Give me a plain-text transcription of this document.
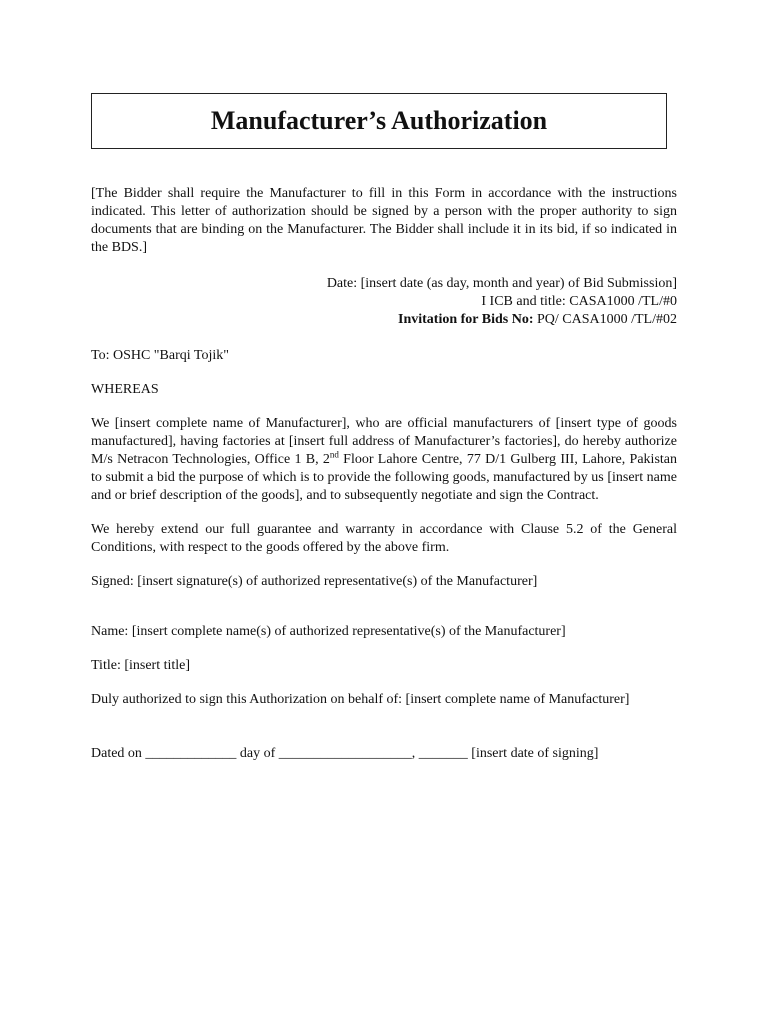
Manufacturer’s Authorization

[The Bidder shall require the Manufacturer to fill in this Form in accordance with the instructions indicated. This letter of authorization should be signed by a person with the proper authority to sign documents that are binding on the Manufacturer. The Bidder shall include it in its bid, if so indicated in the BDS.]

Date: [insert date (as day, month and year) of Bid Submission]

I ICB and title: CASA1000 /TL/#0

Invitation for Bids No: PQ/ CASA1000 /TL/#02

To: OSHC "Barqi Tojik"

WHEREAS

We [insert complete name of Manufacturer], who are official manufacturers of [insert type of goods manufactured], having factories at [insert full address of Manufacturer’s factories], do hereby authorize M/s Netracon Technologies, Office 1 B, 2nd Floor Lahore Centre, 77 D/1 Gulberg III, Lahore, Pakistan to submit a bid the purpose of which is to provide the following goods, manufactured by us [insert name and or brief description of the goods], and to subsequently negotiate and sign the Contract.

We hereby extend our full guarantee and warranty in accordance with Clause 5.2 of the General Conditions, with respect to the goods offered by the above firm.

Signed: [insert signature(s) of authorized representative(s) of the Manufacturer]

Name: [insert complete name(s) of authorized representative(s) of the Manufacturer]

Title: [insert title]

Duly authorized to sign this Authorization on behalf of: [insert complete name of Manufacturer]

Dated on _____________ day of ___________________, _______ [insert date of signing]
